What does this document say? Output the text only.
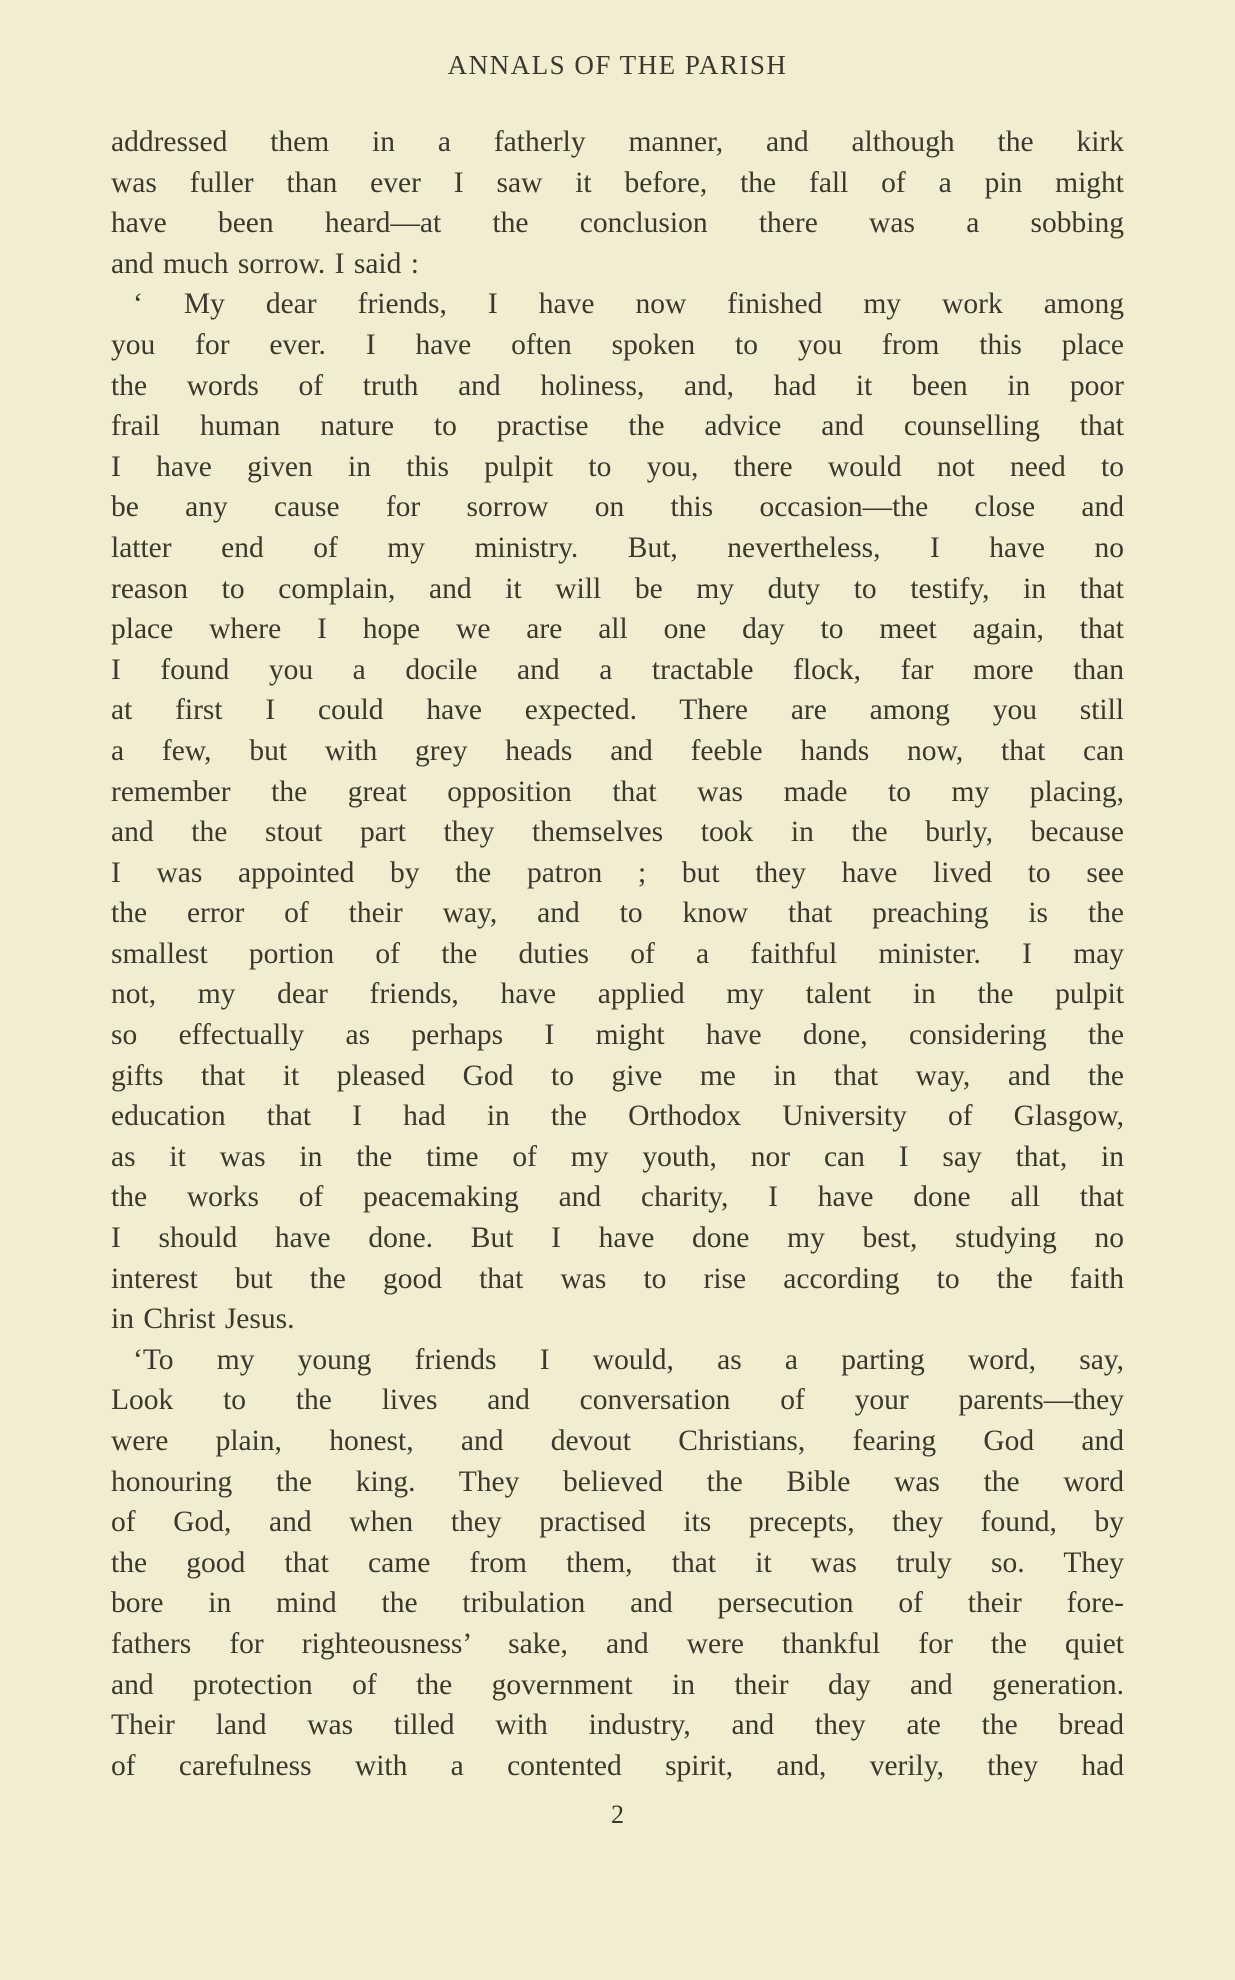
ANNALS OF THE PARISH
addressed them in a fatherly manner, and although the kirk
was fuller than ever I saw it before, the fall of a pin might
have been heard—at the conclusion there was a sobbing
and much sorrow. I said :
‘ My dear friends, I have now finished my work among
you for ever. I have often spoken to you from this place
the words of truth and holiness, and, had it been in poor
frail human nature to practise the advice and counselling that
I have given in this pulpit to you, there would not need to
be any cause for sorrow on this occasion—the close and
latter end of my ministry. But, nevertheless, I have no
reason to complain, and it will be my duty to testify, in that
place where I hope we are all one day to meet again, that
I found you a docile and a tractable flock, far more than
at first I could have expected. There are among you still
a few, but with grey heads and feeble hands now, that can
remember the great opposition that was made to my placing,
and the stout part they themselves took in the burly, because
I was appointed by the patron ; but they have lived to see
the error of their way, and to know that preaching is the
smallest portion of the duties of a faithful minister. I may
not, my dear friends, have applied my talent in the pulpit
so effectually as perhaps I might have done, considering the
gifts that it pleased God to give me in that way, and the
education that I had in the Orthodox University of Glasgow,
as it was in the time of my youth, nor can I say that, in
the works of peacemaking and charity, I have done all that
I should have done. But I have done my best, studying no
interest but the good that was to rise according to the faith
in Christ Jesus.
‘To my young friends I would, as a parting word, say,
Look to the lives and conversation of your parents—they
were plain, honest, and devout Christians, fearing God and
honouring the king. They believed the Bible was the word
of God, and when they practised its precepts, they found, by
the good that came from them, that it was truly so. They
bore in mind the tribulation and persecution of their fore-
fathers for righteousness’ sake, and were thankful for the quiet
and protection of the government in their day and generation.
Their land was tilled with industry, and they ate the bread
of carefulness with a contented spirit, and, verily, they had
2
